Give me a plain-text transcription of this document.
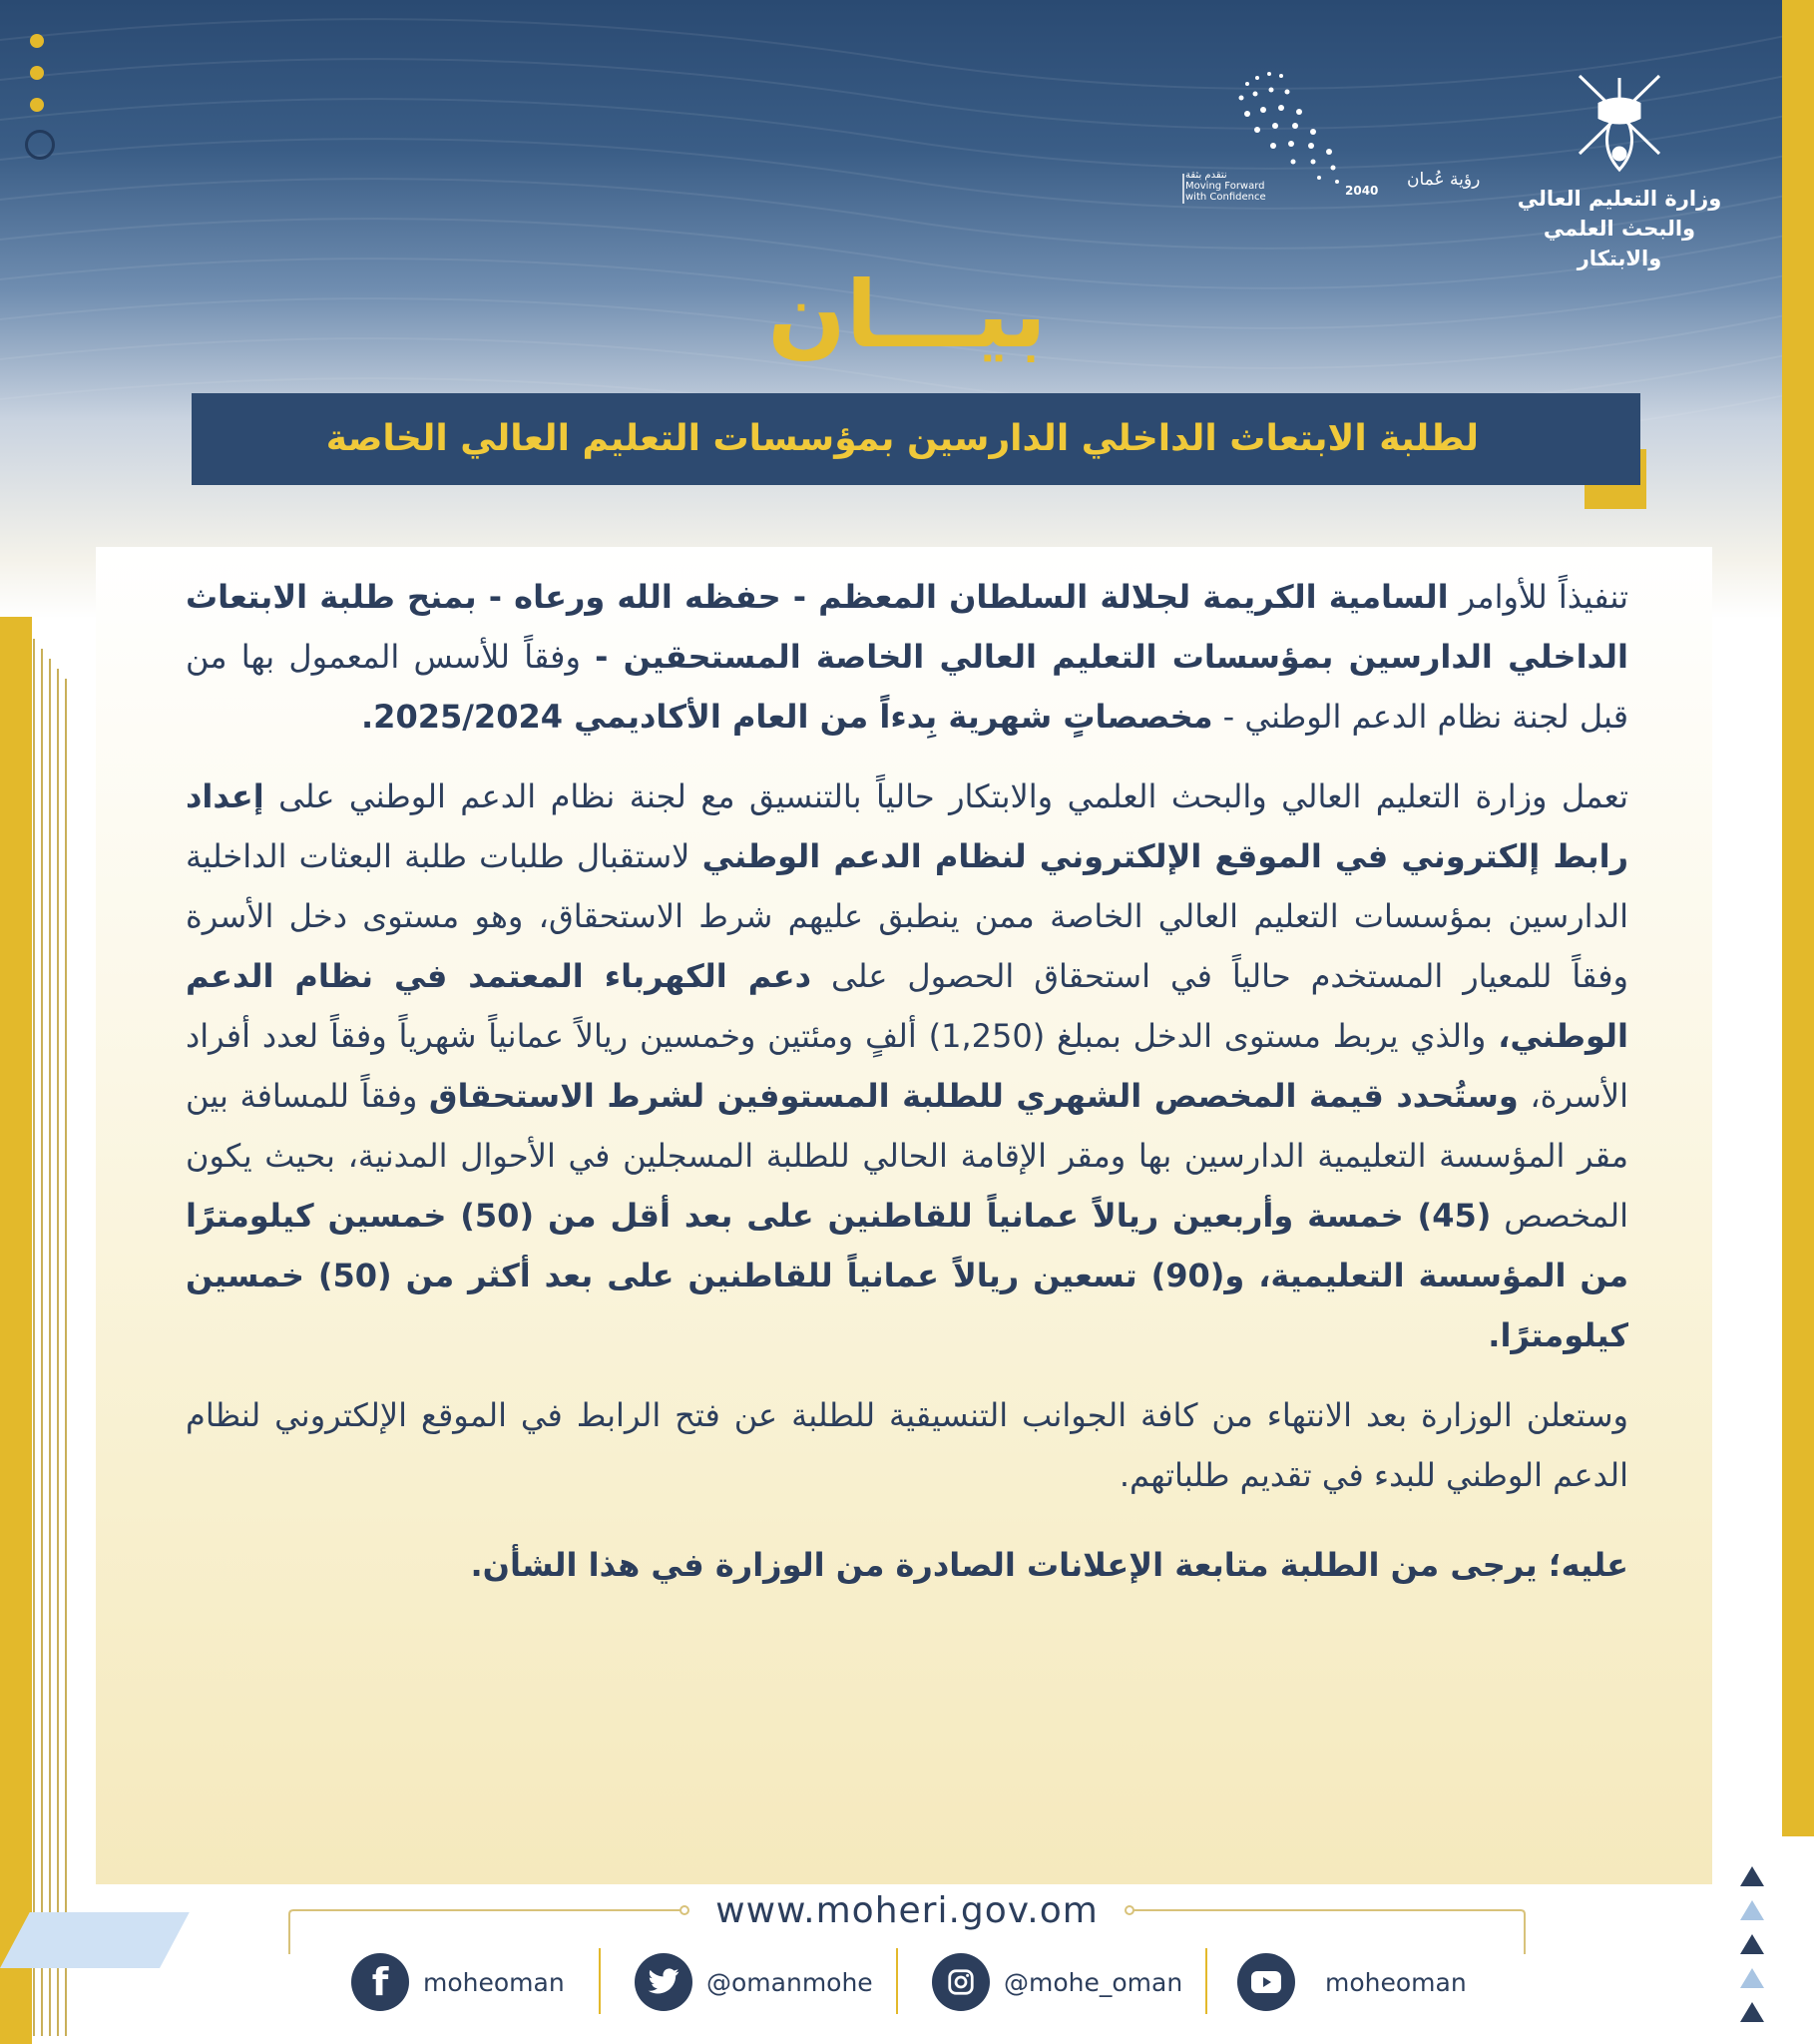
وزارة التعليم العالي
والبحث العلمي والابتكار
نتقدم بثقة
Moving Forward
with Confidence
رؤية عُمان
2040
بيـــان
لطلبة الابتعاث الداخلي الدارسين بمؤسسات التعليم العالي الخاصة

تنفيذاً للأوامر السامية الكريمة لجلالة السلطان المعظم - حفظه الله ورعاه - بمنح طلبة الابتعاث الداخلي الدارسين بمؤسسات التعليم العالي الخاصة المستحقين - وفقاً للأسس المعمول بها من قبل لجنة نظام الدعم الوطني - مخصصاتٍ شهرية بِدءاً من العام الأكاديمي 2025/2024.

تعمل وزارة التعليم العالي والبحث العلمي والابتكار حالياً بالتنسيق مع لجنة نظام الدعم الوطني على إعداد رابط إلكتروني في الموقع الإلكتروني لنظام الدعم الوطني لاستقبال طلبات طلبة البعثات الداخلية الدارسين بمؤسسات التعليم العالي الخاصة ممن ينطبق عليهم شرط الاستحقاق، وهو مستوى دخل الأسرة وفقاً للمعيار المستخدم حالياً في استحقاق الحصول على دعم الكهرباء المعتمد في نظام الدعم الوطني، والذي يربط مستوى الدخل بمبلغ (1,250) ألفٍ ومئتين وخمسين ريالاً عمانياً شهرياً وفقاً لعدد أفراد الأسرة، وستُحدد قيمة المخصص الشهري للطلبة المستوفين لشرط الاستحقاق وفقاً للمسافة بين مقر المؤسسة التعليمية الدارسين بها ومقر الإقامة الحالي للطلبة المسجلين في الأحوال المدنية، بحيث يكون المخصص (45) خمسة وأربعين ريالاً عمانياً للقاطنين على بعد أقل من (50) خمسين كيلومترًا من المؤسسة التعليمية، و(90) تسعين ريالاً عمانياً للقاطنين على بعد أكثر من (50) خمسين كيلومترًا.

وستعلن الوزارة بعد الانتهاء من كافة الجوانب التنسيقية للطلبة عن فتح الرابط في الموقع الإلكتروني لنظام الدعم الوطني للبدء في تقديم طلباتهم.

عليه؛ يرجى من الطلبة متابعة الإعلانات الصادرة من الوزارة في هذا الشأن.

www.moheri.gov.om
f moheoman	@omanmohe	@mohe_oman	moheoman
